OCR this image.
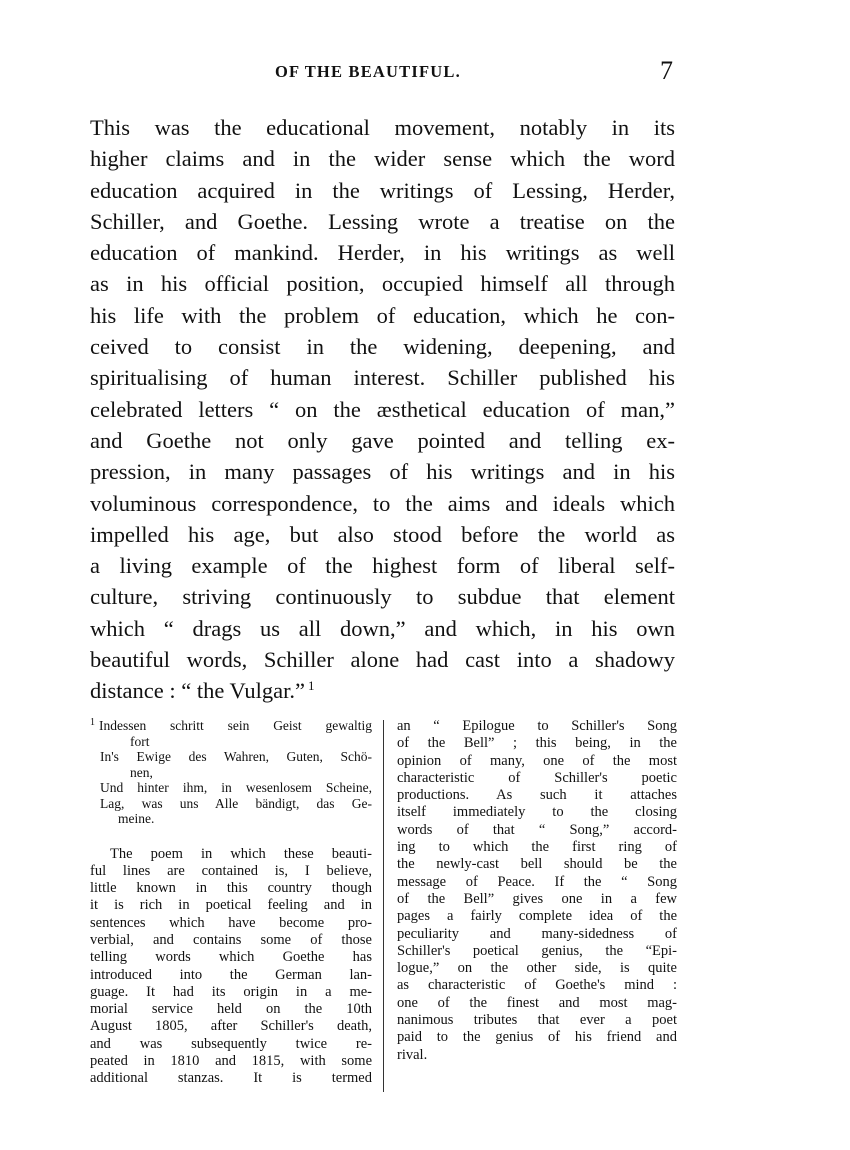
OF THE BEAUTIFUL.	7
This was the educational movement, notably in its
higher claims and in the wider sense which the word
education acquired in the writings of Lessing, Herder,
Schiller, and Goethe. Lessing wrote a treatise on the
education of mankind. Herder, in his writings as well
as in his official position, occupied himself all through
his life with the problem of education, which he con-
ceived to consist in the widening, deepening, and
spiritualising of human interest. Schiller published his
celebrated letters “ on the æsthetical education of man,”
and Goethe not only gave pointed and telling ex-
pression, in many passages of his writings and in his
voluminous correspondence, to the aims and ideals which
impelled his age, but also stood before the world as
a living example of the highest form of liberal self-
culture, striving continuously to subdue that element
which “ drags us all down,” and which, in his own
beautiful words, Schiller alone had cast into a shadowy
distance : “ the Vulgar.” $^1$
$^1$ Indessen schritt sein Geist gewaltig
fort
In's Ewige des Wahren, Guten, Schö-
nen,
Und hinter ihm, in wesenlosem Scheine,
Lag, was uns Alle bändigt, das Ge-
meine.
The poem in which these beauti-
ful lines are contained is, I believe,
little known in this country though
it is rich in poetical feeling and in
sentences which have become pro-
verbial, and contains some of those
telling words which Goethe has
introduced into the German lan-
guage. It had its origin in a me-
morial service held on the 10th
August 1805, after Schiller's death,
and was subsequently twice re-
peated in 1810 and 1815, with some
additional stanzas. It is termed
an “ Epilogue to Schiller's Song
of the Bell” ; this being, in the
opinion of many, one of the most
characteristic of Schiller's poetic
productions. As such it attaches
itself immediately to the closing
words of that “ Song,” accord-
ing to which the first ring of
the newly-cast bell should be the
message of Peace. If the “ Song
of the Bell” gives one in a few
pages a fairly complete idea of the
peculiarity and many-sidedness of
Schiller's poetical genius, the “Epi-
logue,” on the other side, is quite
as characteristic of Goethe's mind :
one of the finest and most mag-
nanimous tributes that ever a poet
paid to the genius of his friend and
rival.
